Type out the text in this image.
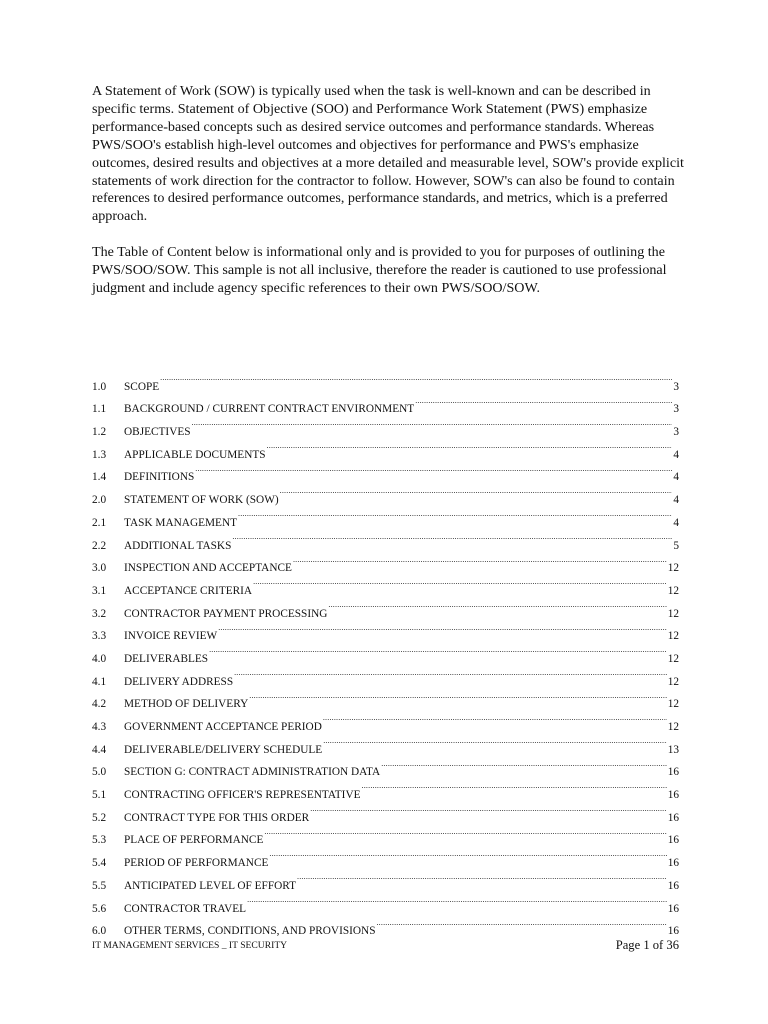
A Statement of Work (SOW) is typically used when the task is well-known and can be described in specific terms. Statement of Objective (SOO) and Performance Work Statement (PWS) emphasize performance-based concepts such as desired service outcomes and performance standards. Whereas PWS/SOO's establish high-level outcomes and objectives for performance and PWS's emphasize outcomes, desired results and objectives at a more detailed and measurable level, SOW's provide explicit statements of work direction for the contractor to follow. However, SOW's can also be found to contain references to desired performance outcomes, performance standards, and metrics, which is a preferred approach.

The Table of Content below is informational only and is provided to you for purposes of outlining the PWS/SOO/SOW. This sample is not all inclusive, therefore the reader is cautioned to use professional judgment and include agency specific references to their own PWS/SOO/SOW.

1.0	SCOPE .....	3
1.1	BACKGROUND / CURRENT CONTRACT ENVIRONMENT .....	3
1.2	OBJECTIVES .....	3
1.3	APPLICABLE DOCUMENTS .....	4
1.4	DEFINITIONS .....	4
2.0	STATEMENT OF WORK (SOW) .....	4
2.1	TASK MANAGEMENT .....	4
2.2	ADDITIONAL TASKS .....	5
3.0	INSPECTION AND ACCEPTANCE .....	12
3.1	ACCEPTANCE CRITERIA .....	12
3.2	CONTRACTOR PAYMENT PROCESSING .....	12
3.3	INVOICE REVIEW .....	12
4.0	DELIVERABLES .....	12
4.1	DELIVERY ADDRESS .....	12
4.2	METHOD OF DELIVERY .....	12
4.3	GOVERNMENT ACCEPTANCE PERIOD .....	12
4.4	DELIVERABLE/DELIVERY SCHEDULE .....	13
5.0	SECTION G: CONTRACT ADMINISTRATION DATA .....	16
5.1	CONTRACTING OFFICER'S REPRESENTATIVE .....	16
5.2	CONTRACT TYPE FOR THIS ORDER .....	16
5.3	PLACE OF PERFORMANCE .....	16
5.4	PERIOD OF PERFORMANCE .....	16
5.5	ANTICIPATED LEVEL OF EFFORT .....	16
5.6	CONTRACTOR TRAVEL .....	16
6.0	OTHER TERMS, CONDITIONS, AND PROVISIONS .....	16
IT MANAGEMENT SERVICES _ IT SECURITY	Page 1 of 36
